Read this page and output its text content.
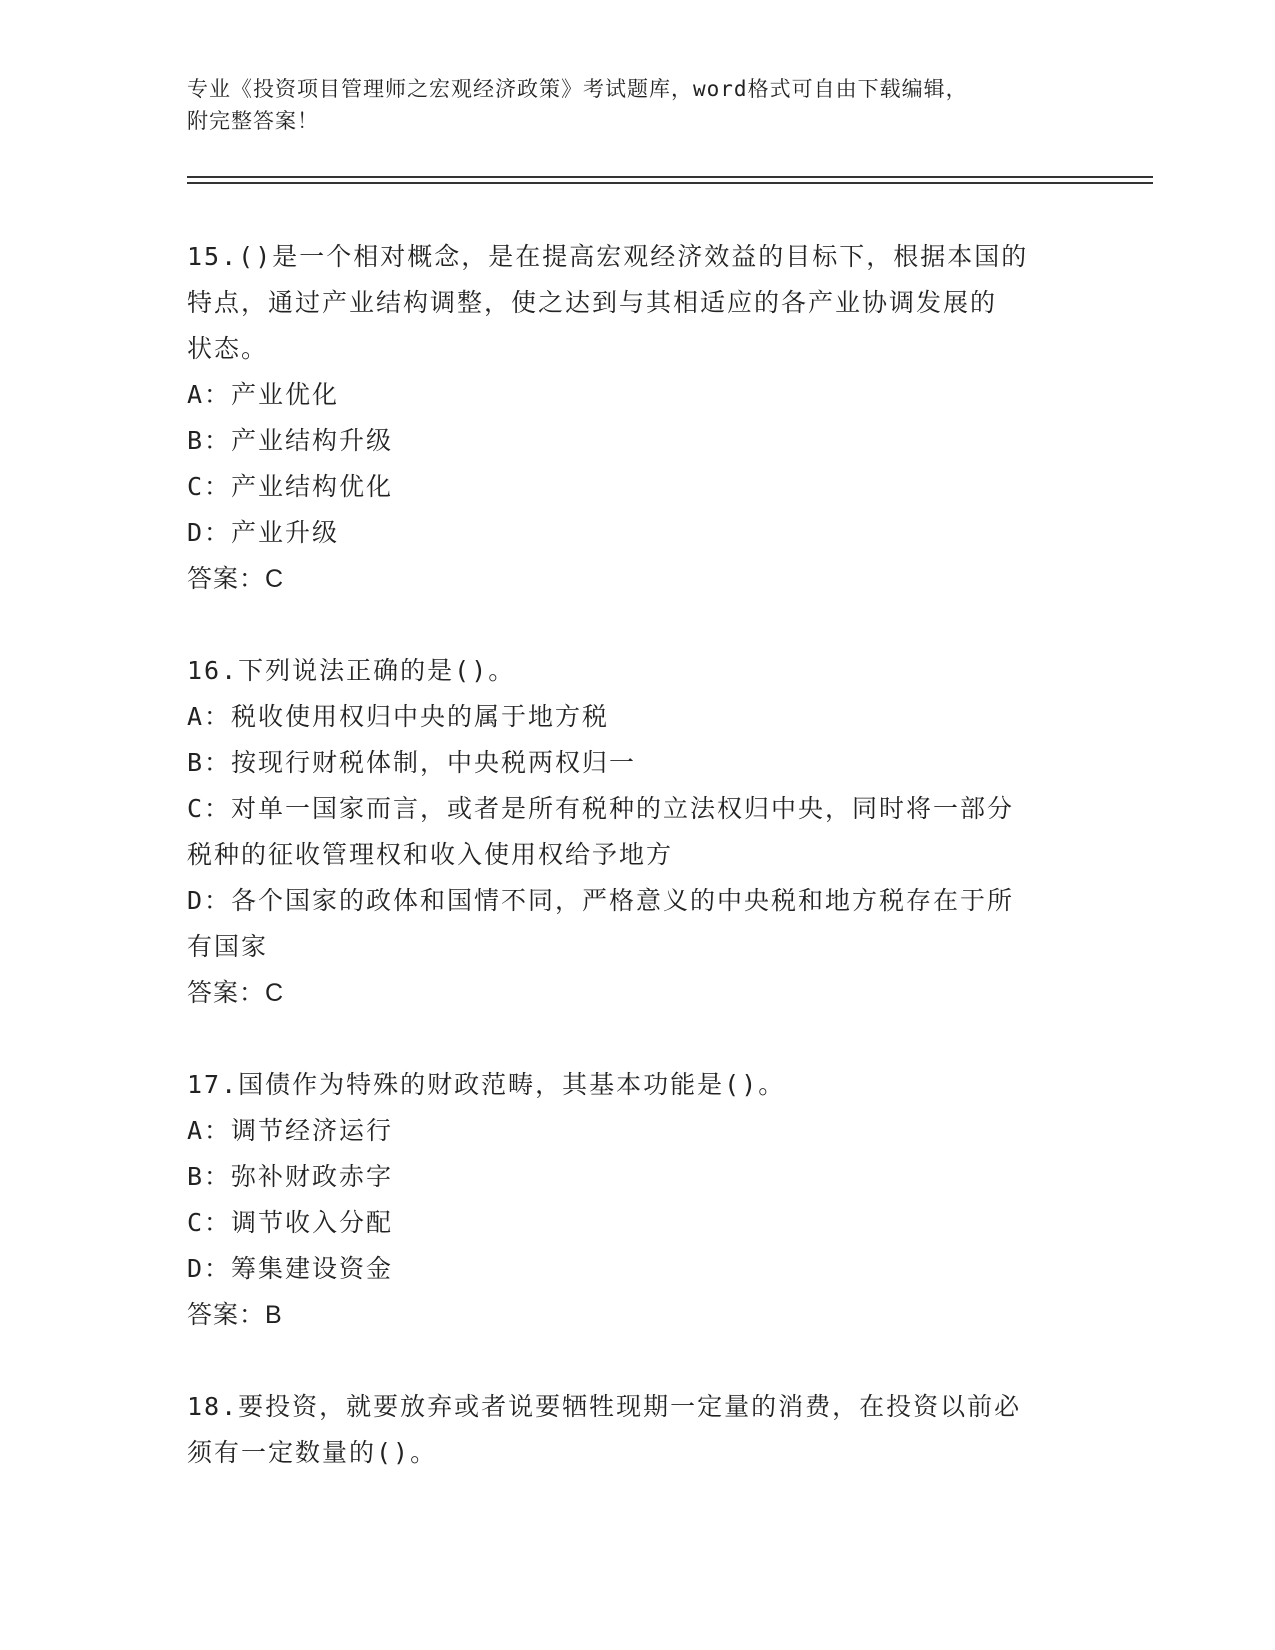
专业《投资项目管理师之宏观经济政策》考试题库，word格式可自由下载编辑，
附完整答案！
15.()是一个相对概念，是在提高宏观经济效益的目标下，根据本国的
特点，通过产业结构调整，使之达到与其相适应的各产业协调发展的
状态。
A：产业优化
B：产业结构升级
C：产业结构优化
D：产业升级
答案：C
16.下列说法正确的是()。
A：税收使用权归中央的属于地方税
B：按现行财税体制，中央税两权归一
C：对单一国家而言，或者是所有税种的立法权归中央，同时将一部分
税种的征收管理权和收入使用权给予地方
D：各个国家的政体和国情不同，严格意义的中央税和地方税存在于所
有国家
答案：C
17.国债作为特殊的财政范畴，其基本功能是()。
A：调节经济运行
B：弥补财政赤字
C：调节收入分配
D：筹集建设资金
答案：B
18.要投资，就要放弃或者说要牺牲现期一定量的消费，在投资以前必
须有一定数量的()。
